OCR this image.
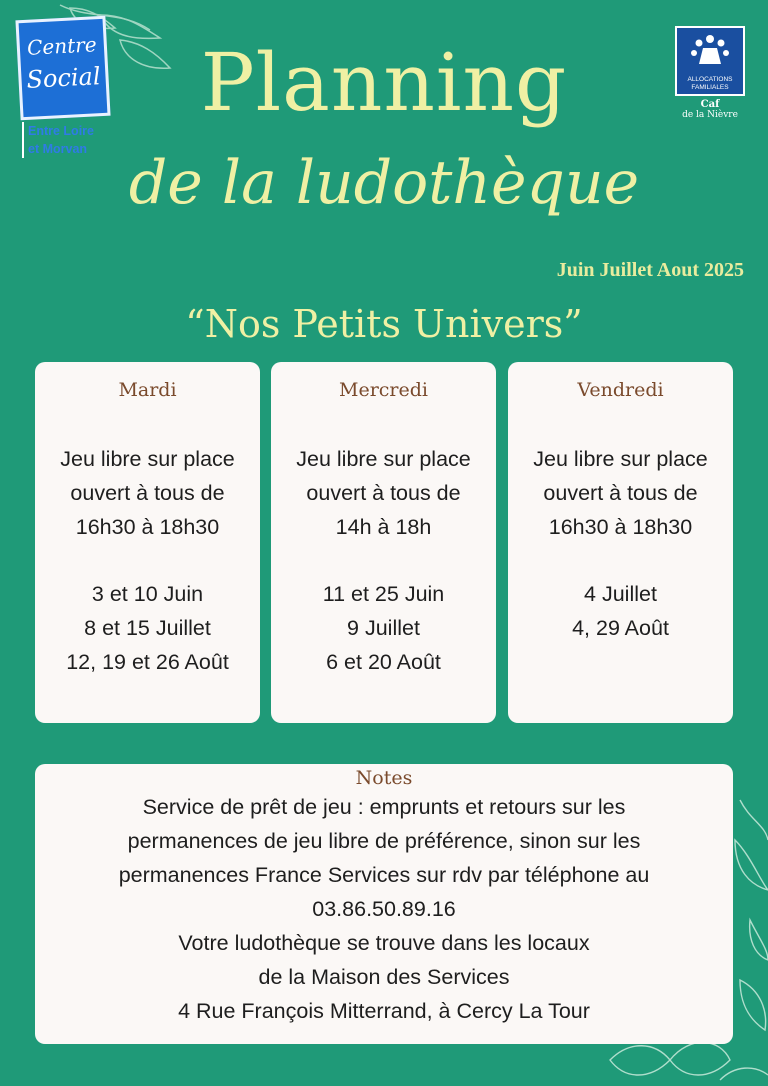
Centre
Social
Entre Loire
et Morvan
ALLOCATIONS
FAMILIALES
Caf
de la Nièvre
Planning
de la ludothèque
Juin Juillet Aout 2025
“Nos Petits Univers”
Mardi
Jeu libre sur place
ouvert à tous de
16h30 à 18h30
3 et 10 Juin
8 et 15 Juillet
12, 19 et 26 Août
Mercredi
Jeu libre sur place
ouvert à tous de
14h à 18h
11 et 25 Juin
9 Juillet
6 et 20 Août
Vendredi
Jeu libre sur place
ouvert à tous de
16h30 à 18h30
4 Juillet
4, 29 Août
Notes
Service de prêt de jeu : emprunts et retours sur les
permanences de jeu libre de préférence, sinon sur les
permanences France Services sur rdv par téléphone au
03.86.50.89.16
Votre ludothèque se trouve dans les locaux
de la Maison des Services
4 Rue François Mitterrand, à Cercy La Tour
